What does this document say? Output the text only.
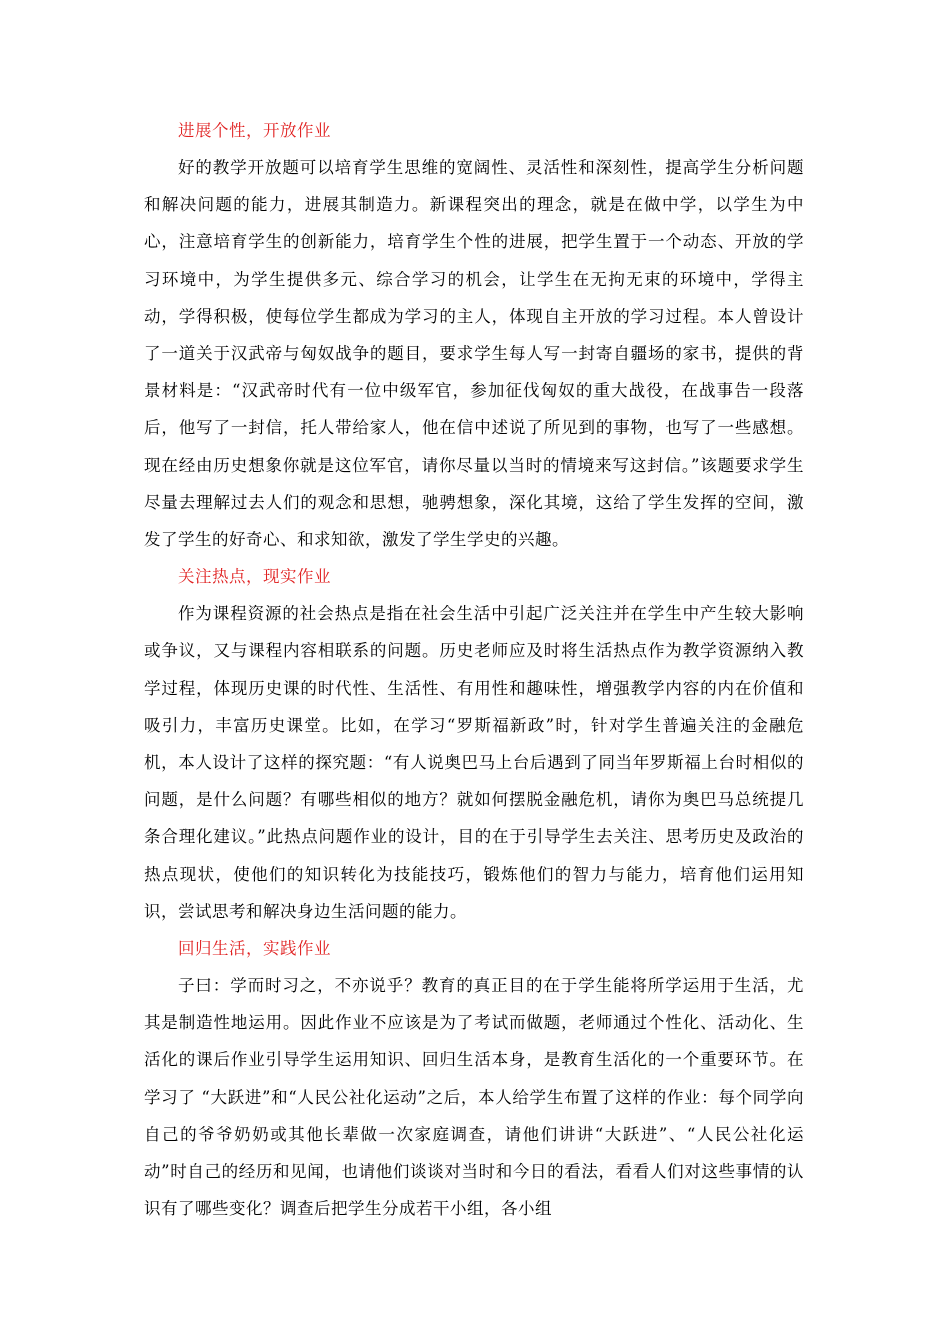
进展个性，开放作业

好的教学开放题可以培育学生思维的宽阔性、灵活性和深刻性，提高学生分析问题和解决问题的能力，进展其制造力。新课程突出的理念，就是在做中学，以学生为中心，注意培育学生的创新能力，培育学生个性的进展，把学生置于一个动态、开放的学习环境中，为学生提供多元、综合学习的机会，让学生在无拘无束的环境中，学得主动，学得积极，使每位学生都成为学习的主人，体现自主开放的学习过程。本人曾设计了一道关于汉武帝与匈奴战争的题目，要求学生每人写一封寄自疆场的家书，提供的背景材料是：“汉武帝时代有一位中级军官，参加征伐匈奴的重大战役，在战事告一段落后，他写了一封信，托人带给家人，他在信中述说了所见到的事物，也写了一些感想。现在经由历史想象你就是这位军官，请你尽量以当时的情境来写这封信。”该题要求学生尽量去理解过去人们的观念和思想，驰骋想象，深化其境，这给了学生发挥的空间，激发了学生的好奇心、和求知欲，激发了学生学史的兴趣。

关注热点，现实作业

作为课程资源的社会热点是指在社会生活中引起广泛关注并在学生中产生较大影响或争议，又与课程内容相联系的问题。历史老师应及时将生活热点作为教学资源纳入教学过程，体现历史课的时代性、生活性、有用性和趣味性，增强教学内容的内在价值和吸引力，丰富历史课堂。比如，在学习“罗斯福新政”时，针对学生普遍关注的金融危机，本人设计了这样的探究题：“有人说奥巴马上台后遇到了同当年罗斯福上台时相似的问题，是什么问题？有哪些相似的地方？就如何摆脱金融危机，请你为奥巴马总统提几条合理化建议。”此热点问题作业的设计，目的在于引导学生去关注、思考历史及政治的热点现状，使他们的知识转化为技能技巧，锻炼他们的智力与能力，培育他们运用知识，尝试思考和解决身边生活问题的能力。

回归生活，实践作业

子曰：学而时习之，不亦说乎？教育的真正目的在于学生能将所学运用于生活，尤其是制造性地运用。因此作业不应该是为了考试而做题，老师通过个性化、活动化、生活化的课后作业引导学生运用知识、回归生活本身，是教育生活化的一个重要环节。在学习了 “大跃进”和“人民公社化运动”之后，本人给学生布置了这样的作业：每个同学向自己的爷爷奶奶或其他长辈做一次家庭调查，请他们讲讲“大跃进”、“人民公社化运动”时自己的经历和见闻，也请他们谈谈对当时和今日的看法，看看人们对这些事情的认识有了哪些变化？调查后把学生分成若干小组，各小组
